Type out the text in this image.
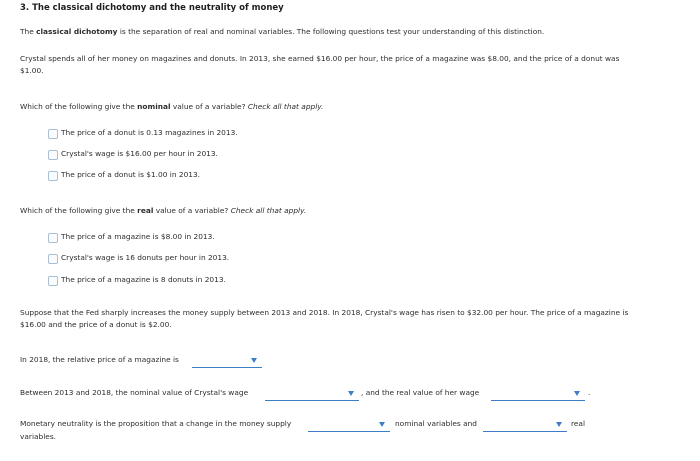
3. The classical dichotomy and the neutrality of money
The classical dichotomy is the separation of real and nominal variables. The following questions test your understanding of this distinction.
Crystal spends all of her money on magazines and donuts. In 2013, she earned $16.00 per hour, the price of a magazine was $8.00, and the price of a donut was $1.00.
Which of the following give the nominal value of a variable? Check all that apply.
The price of a donut is 0.13 magazines in 2013.
Crystal's wage is $16.00 per hour in 2013.
The price of a donut is $1.00 in 2013.
Which of the following give the real value of a variable? Check all that apply.
The price of a magazine is $8.00 in 2013.
Crystal's wage is 16 donuts per hour in 2013.
The price of a magazine is 8 donuts in 2013.
Suppose that the Fed sharply increases the money supply between 2013 and 2018. In 2018, Crystal's wage has risen to $32.00 per hour. The price of a magazine is $16.00 and the price of a donut is $2.00.
In 2018, the relative price of a magazine is
Between 2013 and 2018, the nominal value of Crystal's wage	, and the real value of her wage	.
Monetary neutrality is the proposition that a change in the money supply	nominal variables and	real
variables.
